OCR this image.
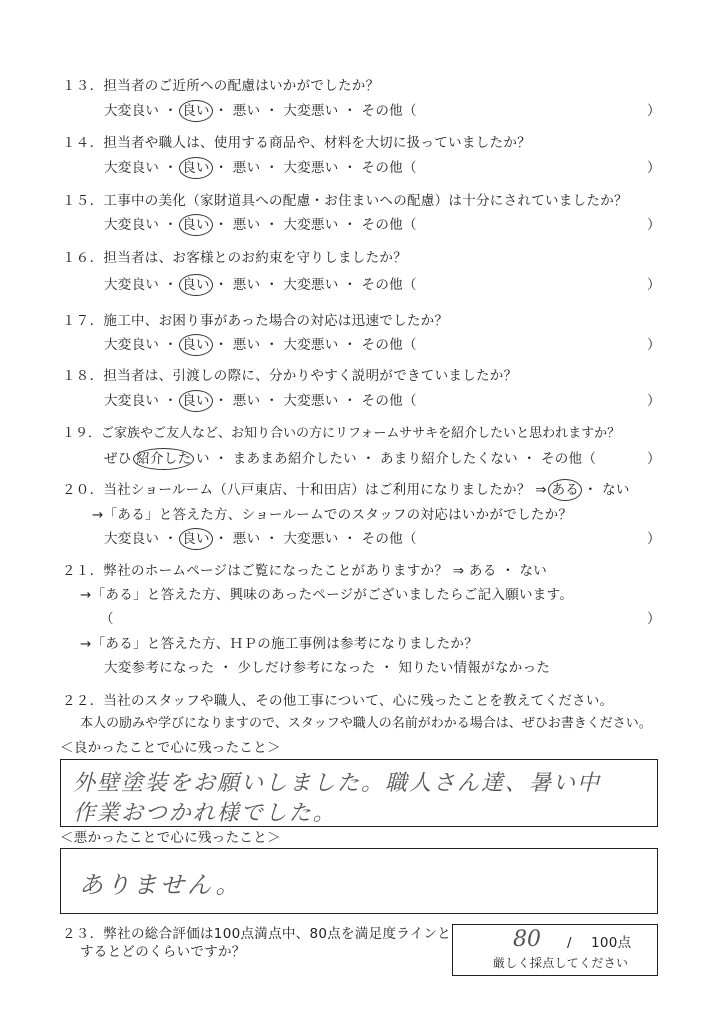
１３．担当者のご近所への配慮はいかがでしたか？
大変良い ・ 良い ・ 悪い ・ 大変悪い ・ その他（	）
１４．担当者や職人は、使用する商品や、材料を大切に扱っていましたか？
大変良い ・ 良い ・ 悪い ・ 大変悪い ・ その他（	）
１５．工事中の美化（家財道具への配慮・お住まいへの配慮）は十分にされていましたか？
大変良い ・ 良い ・ 悪い ・ 大変悪い ・ その他（	）
１６．担当者は、お客様とのお約束を守りしましたか？
大変良い ・ 良い ・ 悪い ・ 大変悪い ・ その他（	）
１７．施工中、お困り事があった場合の対応は迅速でしたか？
大変良い ・ 良い ・ 悪い ・ 大変悪い ・ その他（	）
１８．担当者は、引渡しの際に、分かりやすく説明ができていましたか？
大変良い ・ 良い ・ 悪い ・ 大変悪い ・ その他（	）
１９．ご家族やご友人など、お知り合いの方にリフォームササキを紹介したいと思われますか？
ぜひ 紹介した い ・ まあまあ紹介したい ・ あまり紹介したくない ・ その他（	）
２０．当社ショールーム（八戸東店、十和田店）はご利用になりましたか？ ⇒ ある ・ ない
→「ある」と答えた方、ショールームでのスタッフの対応はいかがでしたか？
大変良い ・ 良い ・ 悪い ・ 大変悪い ・ その他（	）
２１．弊社のホームページはご覧になったことがありますか？ ⇒ ある ・ ない
→「ある」と答えた方、興味のあったページがございましたらご記入願います。
（	）
→「ある」と答えた方、ＨＰの施工事例は参考になりましたか？
大変参考になった ・ 少しだけ参考になった ・ 知りたい情報がなかった
２２．当社のスタッフや職人、その他工事について、心に残ったことを教えてください。
本人の励みや学びになりますので、スタッフや職人の名前がわかる場合は、ぜひお書きください。
＜良かったことで心に残ったこと＞
外壁塗装をお願いしました。職人さん達、暑い中
作業おつかれ様でした。
＜悪かったことで心に残ったこと＞
ありません。
２３．弊社の総合評価は100点満点中、80点を満足度ラインと
するとどのくらいですか？	80 / 100点
厳しく採点してください
